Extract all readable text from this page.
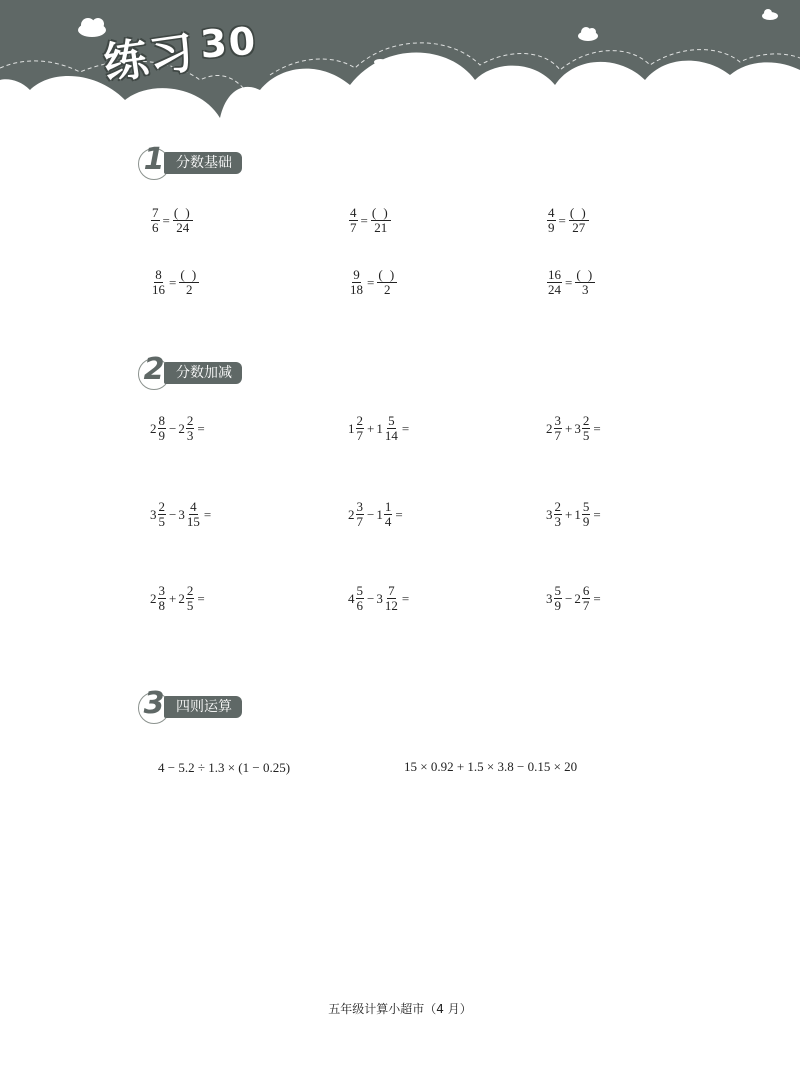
练习30
1 分数基础
$\frac{7}{6} = \frac{( )}{24}$	$\frac{4}{7} = \frac{( )}{21}$	$\frac{4}{9} = \frac{( )}{27}$
$\frac{8}{16} = \frac{( )}{2}$	$\frac{9}{18} = \frac{( )}{2}$	$\frac{16}{24} = \frac{( )}{3}$
2 分数加减
$2 \frac{8}{9} - 2 \frac{2}{3}$ =	$1 \frac{2}{7} + 1 \frac{5}{14}$ =	$2 \frac{3}{7} + 3 \frac{2}{5}$ =
$3 \frac{2}{5} - 3 \frac{4}{15}$ =	$2 \frac{3}{7} - 1 \frac{1}{4}$ =	$3 \frac{2}{3} + 1 \frac{5}{9}$ =
$2 \frac{3}{8} + 2 \frac{2}{5}$ =	$4 \frac{5}{6} - 3 \frac{7}{12}$ =	$3 \frac{5}{9} - 2 \frac{6}{7}$ =
3 四则运算
4 − 5.2 ÷ 1.3 × (1 − 0.25)	15 × 0.92 + 1.5 × 3.8 − 0.15 × 20
五年级计算小超市（4 月）
